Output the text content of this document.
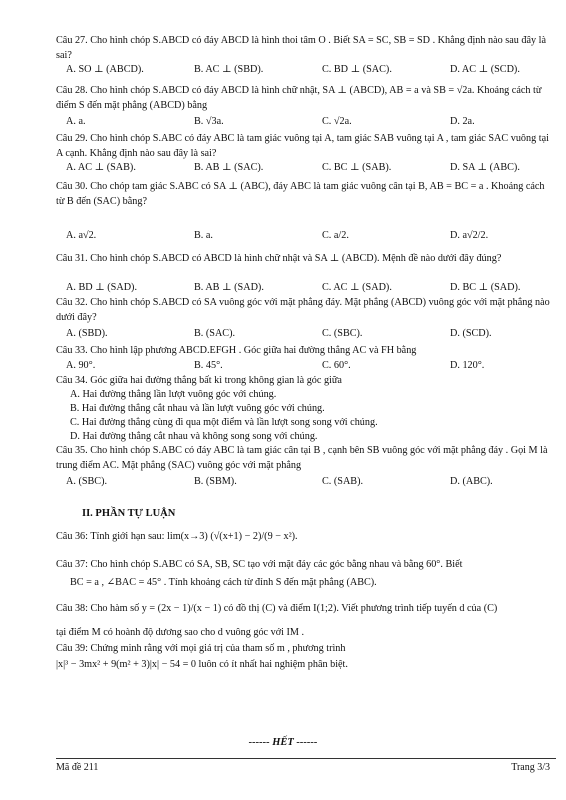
Câu 27. Cho hình chóp S.ABCD có đáy ABCD là hình thoi tâm O . Biết SA = SC, SB = SD . Khẳng định nào sau đây là sai?
A. SO ⊥ (ABCD).	B. AC ⊥ (SBD).	C. BD ⊥ (SAC).	D. AC ⊥ (SCD).
Câu 28. Cho hình chóp S.ABCD có đáy ABCD là hình chữ nhật, SA ⊥ (ABCD), AB = a và SB = √2a. Khoảng cách từ điểm S đến mặt phẳng (ABCD) bằng
A. a.	B. √3a.	C. √2a.	D. 2a.
Câu 29. Cho hình chóp S.ABC có đáy ABC là tam giác vuông tại A, tam giác SAB vuông tại A , tam giác SAC vuông tại A cạnh. Khẳng định nào sau đây là sai?
A. AC ⊥ (SAB).	B. AB ⊥ (SAC).	C. BC ⊥ (SAB).	D. SA ⊥ (ABC).
Câu 30. Cho chóp tam giác S.ABC có SA ⊥ (ABC), đáy ABC là tam giác vuông cân tại B, AB = BC = a . Khoảng cách từ B đến (SAC) bằng?
A. a√2.	B. a.	C. a/2.	D. a√2/2.
Câu 31. Cho hình chóp S.ABCD có ABCD là hình chữ nhật và SA ⊥ (ABCD). Mệnh đề nào dưới đây đúng?
A. BD ⊥ (SAD).	B. AB ⊥ (SAD).	C. AC ⊥ (SAD).	D. BC ⊥ (SAD).
Câu 32. Cho hình chóp S.ABCD có SA vuông góc với mặt phẳng đáy. Mặt phẳng (ABCD) vuông góc với mặt phẳng nào dưới đây?
A. (SBD).	B. (SAC).	C. (SBC).	D. (SCD).
Câu 33. Cho hình lập phương ABCD.EFGH . Góc giữa hai đường thẳng AC và FH bằng
A. 90°.	B. 45°.	C. 60°.	D. 120°.
Câu 34. Góc giữa hai đường thẳng bất kì trong không gian là góc giữa
A. Hai đường thẳng lần lượt vuông góc với chúng.
B. Hai đường thẳng cắt nhau và lần lượt vuông góc với chúng.
C. Hai đường thẳng cùng đi qua một điểm và lần lượt song song với chúng.
D. Hai đường thẳng cắt nhau và không song song với chúng.
Câu 35. Cho hình chóp S.ABC có đáy ABC là tam giác cân tại B , cạnh bên SB vuông góc với mặt phẳng đáy . Gọi M là trung điểm AC. Mặt phẳng (SAC) vuông góc với mặt phẳng
A. (SBC).	B. (SBM).	C. (SAB).	D. (ABC).
II. PHẦN TỰ LUẬN
Câu 36: Tính giới hạn sau: lim(x→3) (√(x+1) − 2)/(9 − x²).
Câu 37: Cho hình chóp S.ABC có SA, SB, SC tạo với mặt đáy các góc bằng nhau và bằng 60°. Biết
BC = a , ∠BAC = 45° . Tính khoảng cách từ đỉnh S đến mặt phẳng (ABC).
Câu 38: Cho hàm số y = (2x − 1)/(x − 1) có đồ thị (C) và điểm I(1;2). Viết phương trình tiếp tuyến d của (C)
tại điểm M có hoành độ dương sao cho d vuông góc với IM .
Câu 39: Chứng minh rằng với mọi giá trị của tham số m , phương trình
|x|³ − 3mx² + 9(m² + 3)|x| − 54 = 0 luôn có ít nhất hai nghiệm phân biệt.
------ HẾT ------
Mã đề 211	Trang 3/3
